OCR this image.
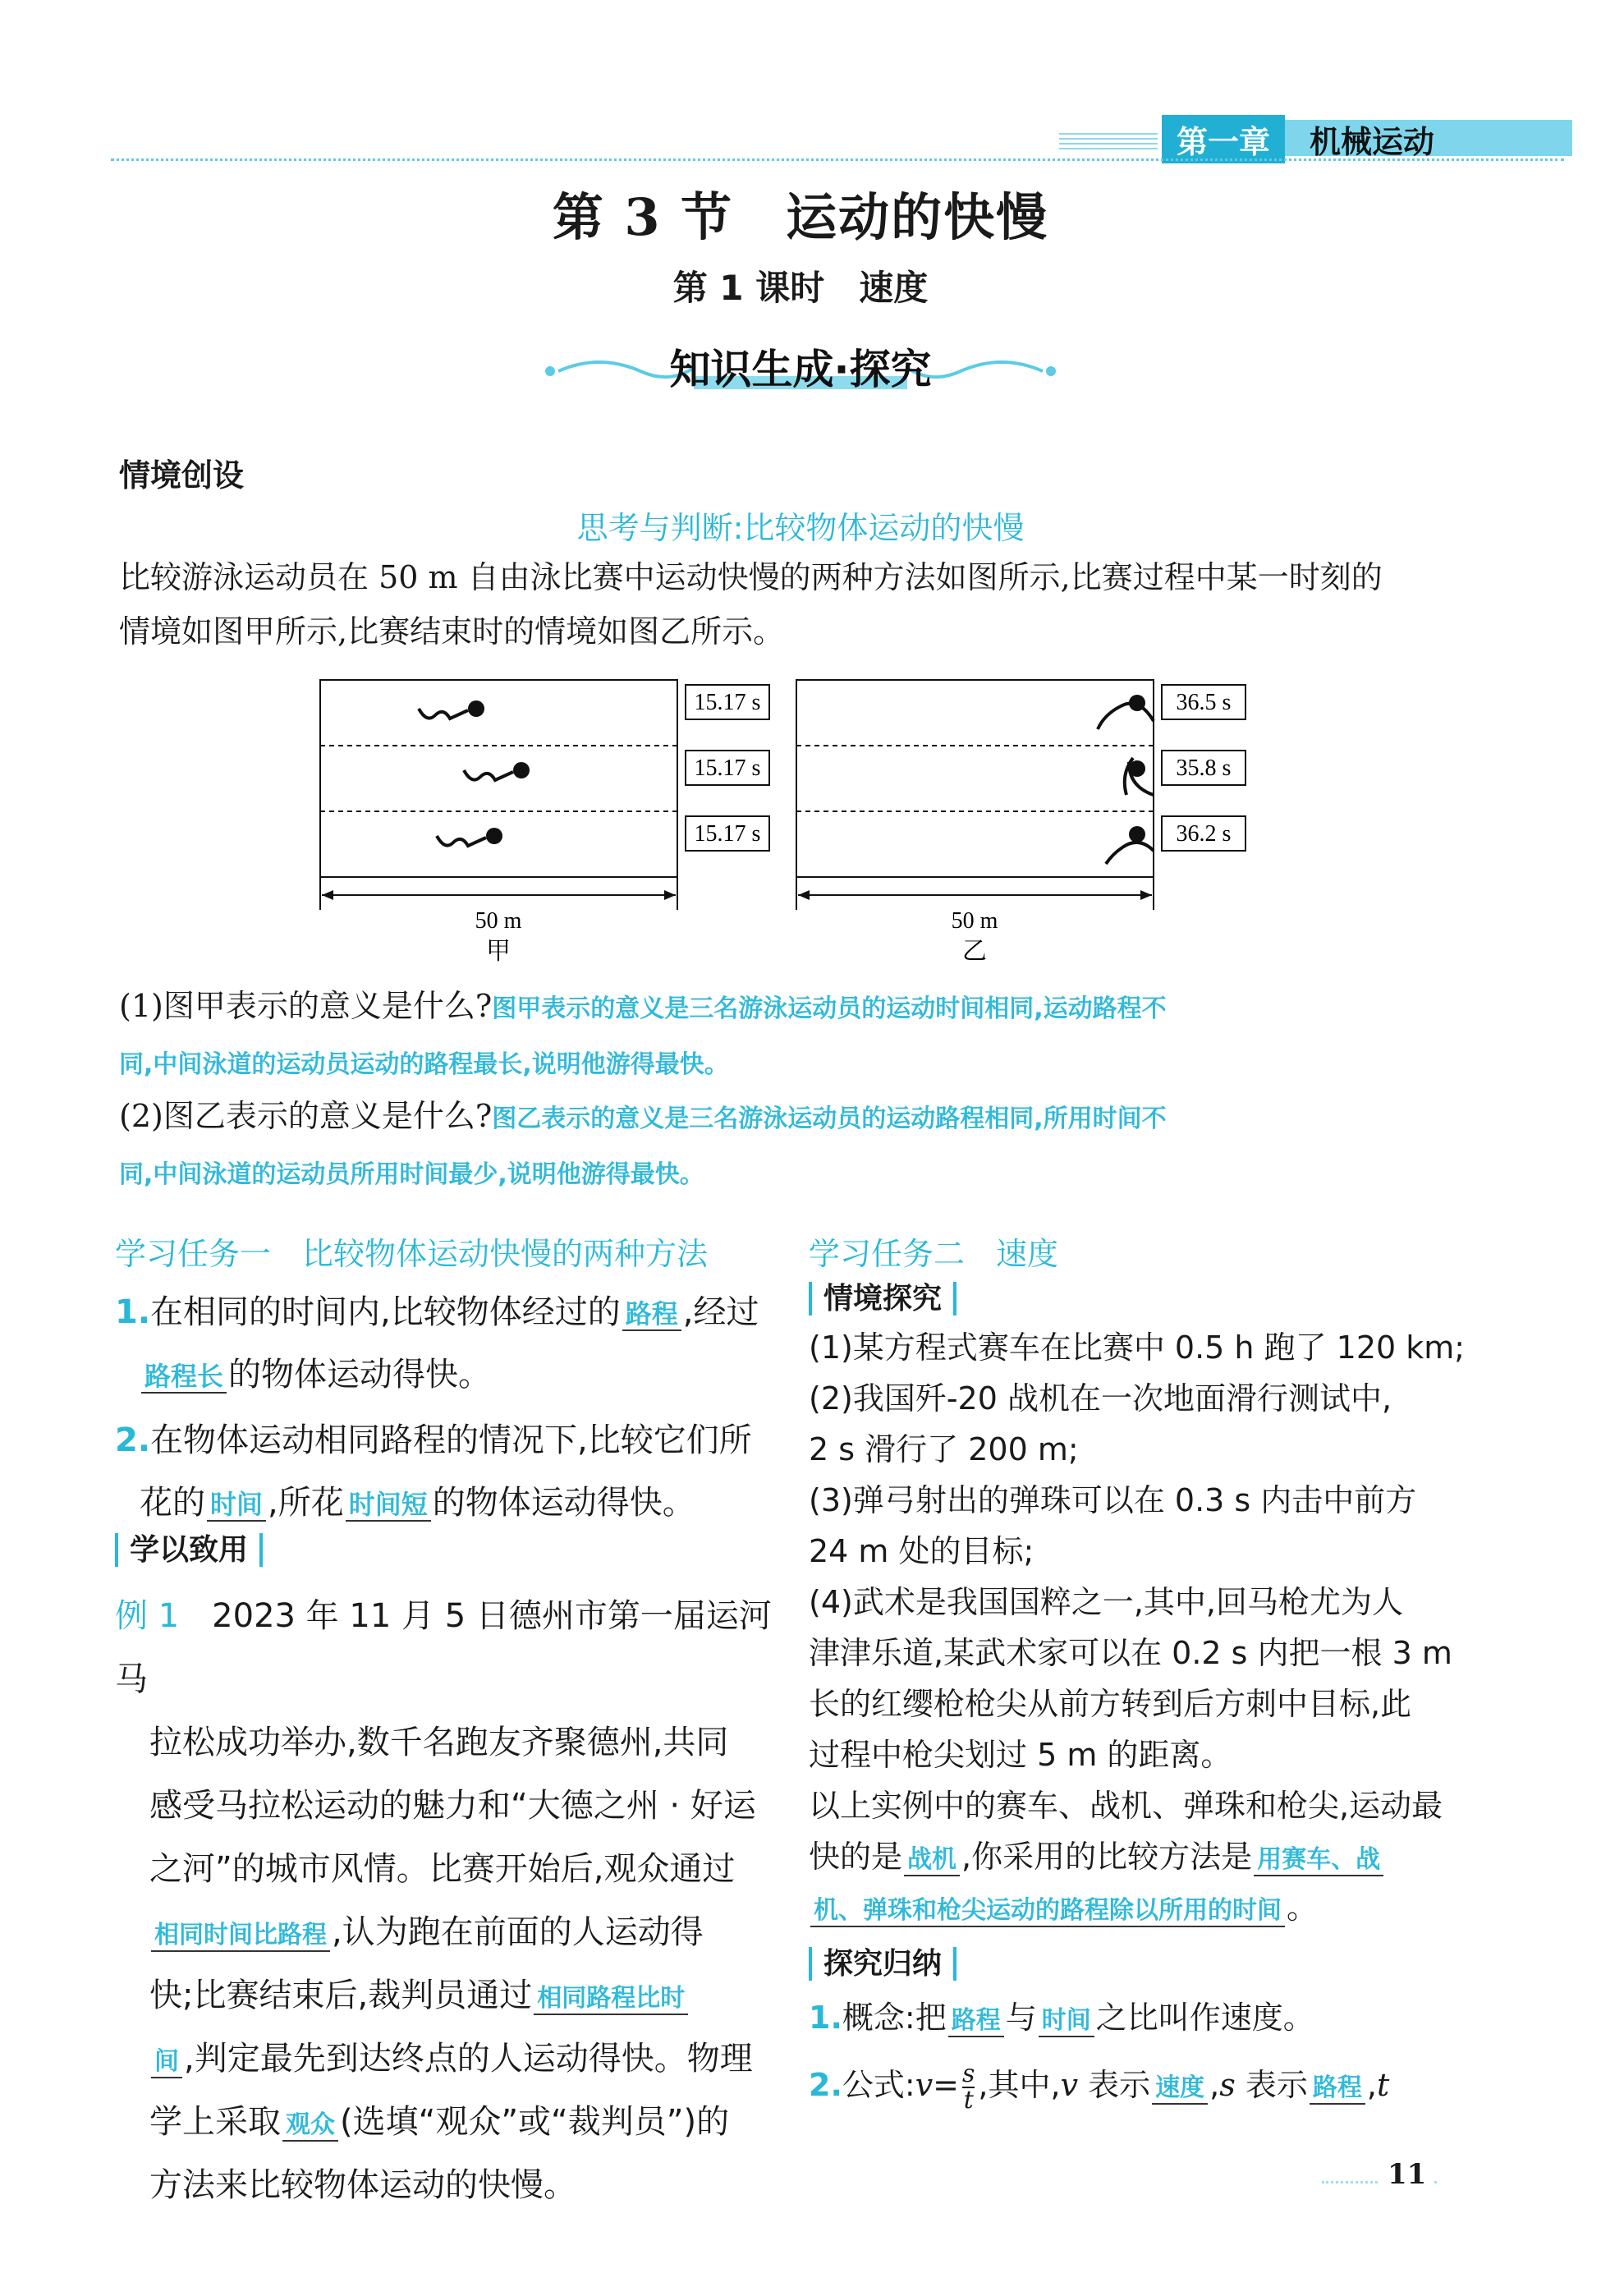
第一章	机械运动
第 3 节　运动的快慢
第 1 课时　速度
知识生成·探究
情境创设
思考与判断:比较物体运动的快慢
比较游泳运动员在 50 m 自由泳比赛中运动快慢的两种方法如图所示,比赛过程中某一时刻的
情境如图甲所示,比赛结束时的情境如图乙所示。
15.17 s
15.17 s
15.17 s
50 m
甲
36.5 s
35.8 s
36.2 s
50 m
乙
(1)图甲表示的意义是什么?图甲表示的意义是三名游泳运动员的运动时间相同,运动路程不
同,中间泳道的运动员运动的路程最长,说明他游得最快。
(2)图乙表示的意义是什么?图乙表示的意义是三名游泳运动员的运动路程相同,所用时间不
同,中间泳道的运动员所用时间最少,说明他游得最快。
学习任务一　比较物体运动快慢的两种方法
1.在相同的时间内,比较物体经过的 路程 ,经过
路程长 的物体运动得快。
2.在物体运动相同路程的情况下,比较它们所
花的 时间 ,所花 时间短 的物体运动得快。
学以致用
例 1　 2023 年 11 月 5 日德州市第一届运河马
拉松成功举办,数千名跑友齐聚德州,共同
感受马拉松运动的魅力和“大德之州 · 好运
之河”的城市风情。比赛开始后,观众通过
相同时间比路程 ,认为跑在前面的人运动得
快;比赛结束后,裁判员通过 相同路程比时
间 ,判定最先到达终点的人运动得快。物理
学上采取 观众 (选填“观众”或“裁判员”)的
方法来比较物体运动的快慢。
学习任务二　速度
情境探究
(1)某方程式赛车在比赛中 0.5 h 跑了 120 km;
(2)我国歼-20 战机在一次地面滑行测试中,
2 s 滑行了 200 m;
(3)弹弓射出的弹珠可以在 0.3 s 内击中前方
24 m 处的目标;
(4)武术是我国国粹之一,其中,回马枪尤为人
津津乐道,某武术家可以在 0.2 s 内把一根 3 m
长的红缨枪枪尖从前方转到后方刺中目标,此
过程中枪尖划过 5 m 的距离。
以上实例中的赛车、战机、弹珠和枪尖,运动最
快的是 战机 ,你采用的比较方法是 用赛车、战
机、弹珠和枪尖运动的路程除以所用的时间 。
探究归纳
1.概念:把 路程 与 时间 之比叫作速度。
2.公式:v= $\frac{s}{t}$ ,其中,v 表示 速度 ,s 表示 路程 ,t
11
